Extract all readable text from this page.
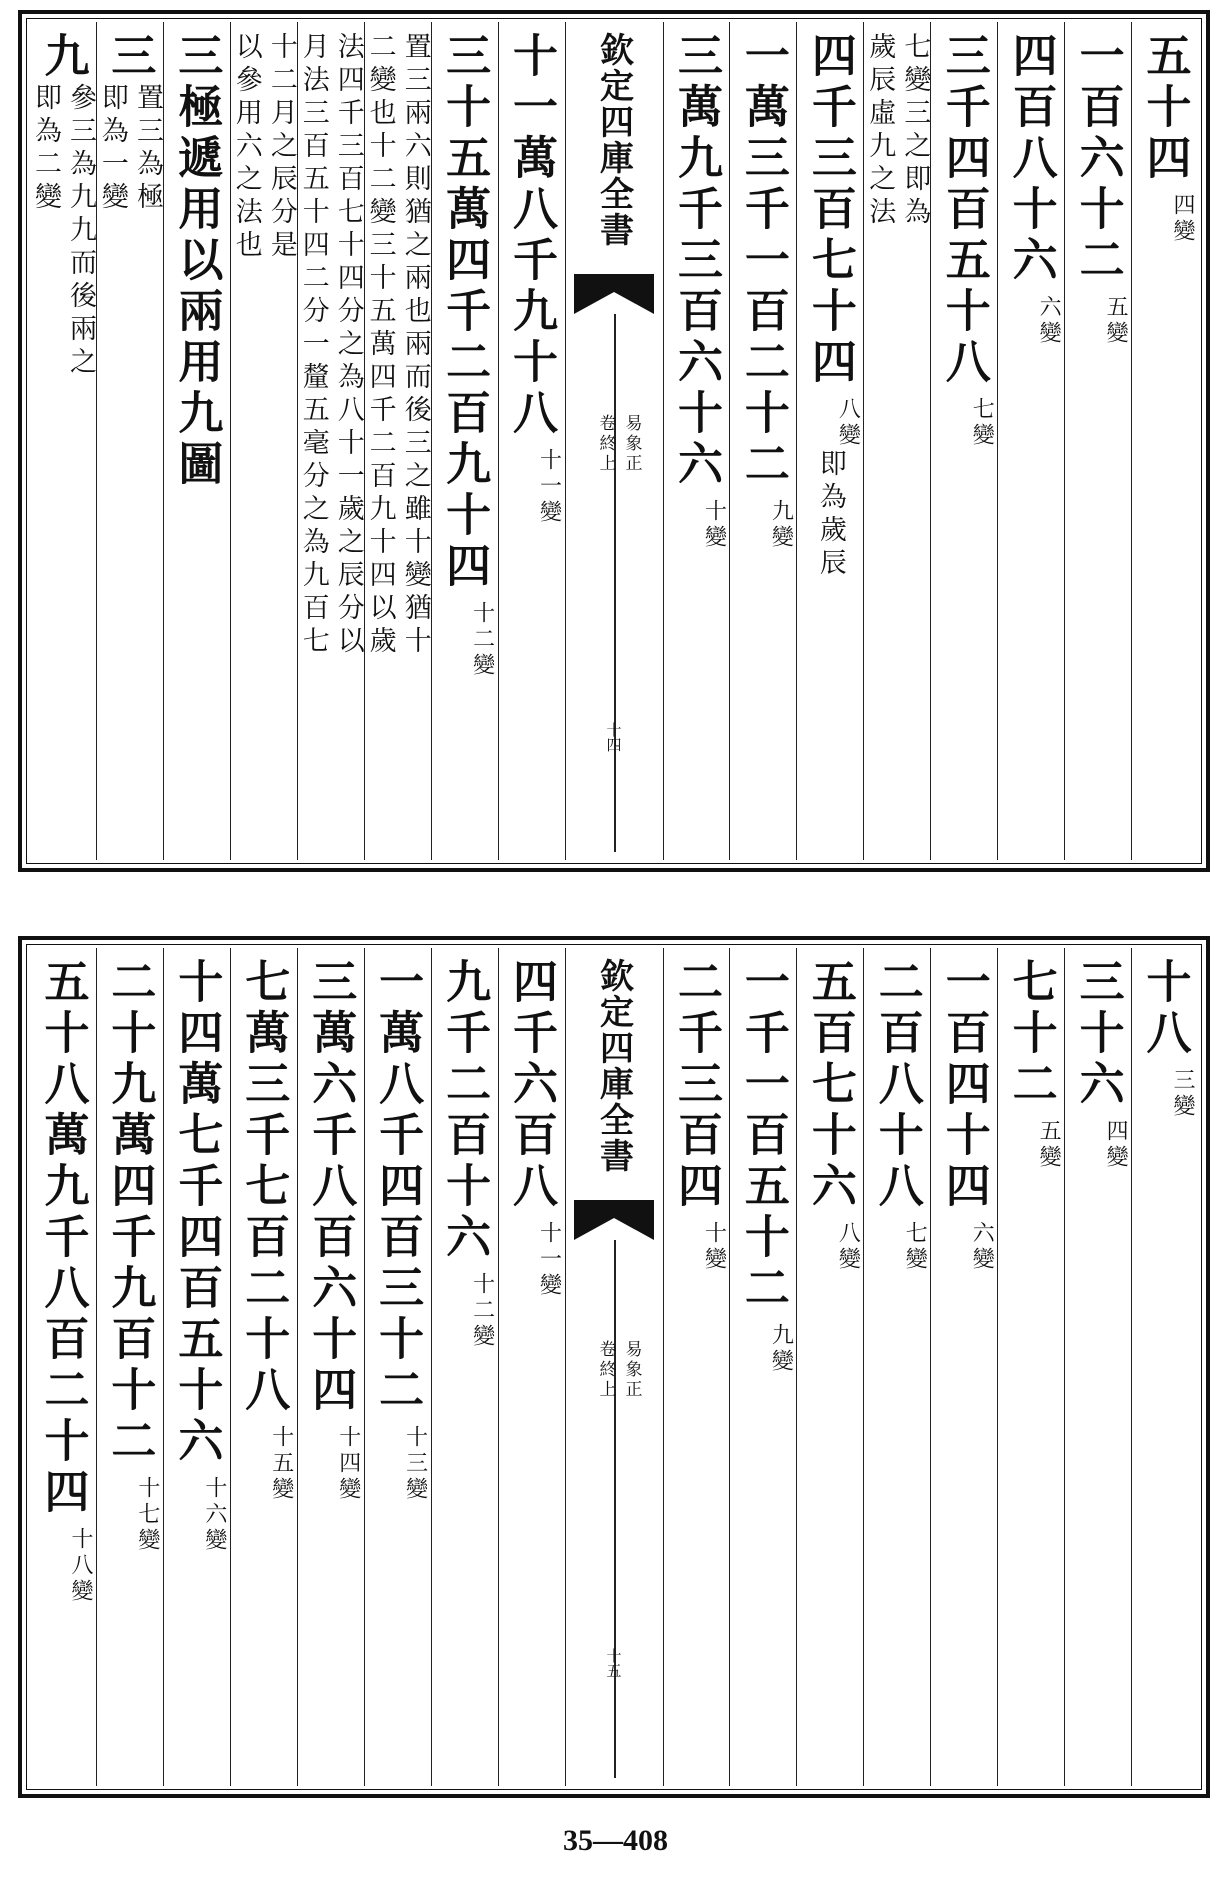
五十四
四變
一百六十二
五變
四百八十六
六變
三千四百五十八
七變
七變三之即為
歲辰虛九之法
四千三百七十四
八變
即為歲辰
一萬三千一百二十二
九變
三萬九千三百六十六
十變
欽定四庫全書
易象正
卷終上
十四
十一萬八千九十八
十一變
三十五萬四千二百九十四
十二變
置三兩六則猶之兩也兩而後三之雖十變猶十
二變也十二變三十五萬四千二百九十四以歲
法四千三百七十四分之為八十一歲之辰分以
月法三百五十四二分一釐五毫分之為九百七
十二月之辰分是
以參用六之法也
三極遞用以兩用九圖
三
置三為極
即為一變
九
參三為九九而後兩之
即為二變
十八
三變
三十六
四變
七十二
五變
一百四十四
六變
二百八十八
七變
五百七十六
八變
一千一百五十二
九變
二千三百四
十變
欽定四庫全書
易象正
卷終上
十五
四千六百八
十一變
九千二百十六
十二變
一萬八千四百三十二
十三變
三萬六千八百六十四
十四變
七萬三千七百二十八
十五變
十四萬七千四百五十六
十六變
二十九萬四千九百十二
十七變
五十八萬九千八百二十四
十八變
35—408
